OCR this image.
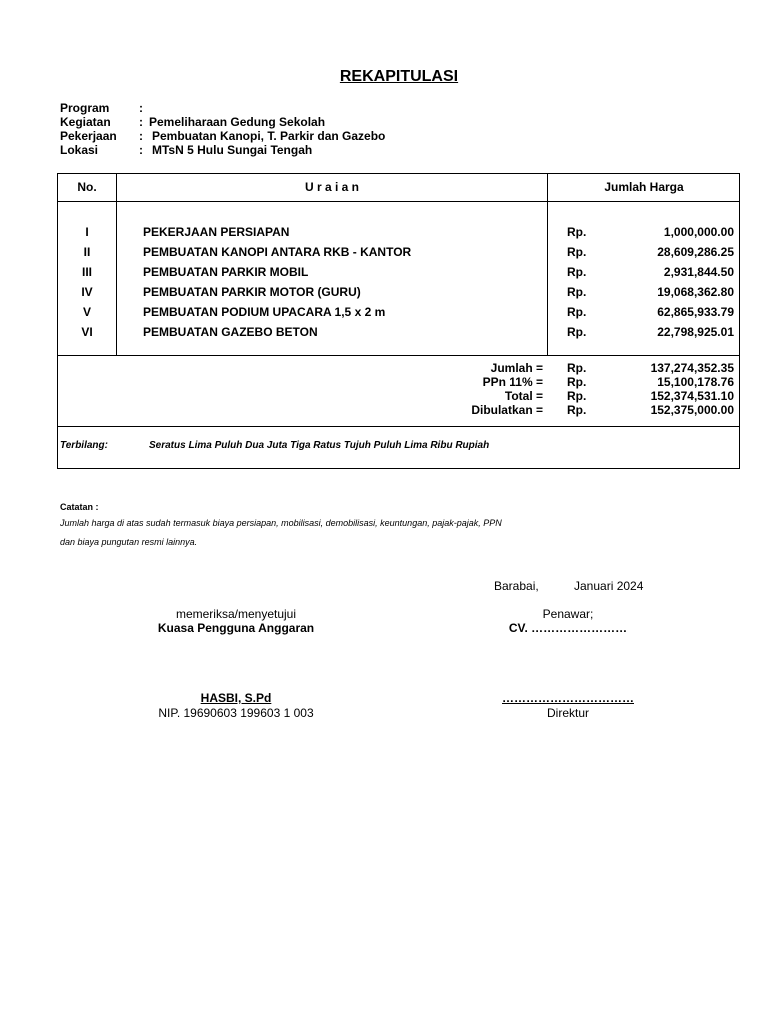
REKAPITULASI
Program	:
Kegiatan	: Pemeliharaan Gedung Sekolah
Pekerjaan	: Pembuatan Kanopi, T. Parkir dan Gazebo
Lokasi	: MTsN 5 Hulu Sungai Tengah
No.	U r a i a n	Jumlah Harga
I	PEKERJAAN PERSIAPAN	Rp.	1,000,000.00
II	PEMBUATAN KANOPI ANTARA RKB - KANTOR	Rp.	28,609,286.25
III	PEMBUATAN PARKIR MOBIL	Rp.	2,931,844.50
IV	PEMBUATAN PARKIR MOTOR (GURU)	Rp.	19,068,362.80
V	PEMBUATAN PODIUM UPACARA 1,5 x 2 m	Rp.	62,865,933.79
VI	PEMBUATAN GAZEBO BETON	Rp.	22,798,925.01
Jumlah = Rp.	137,274,352.35
PPn 11% = Rp.	15,100,178.76
Total = Rp.	152,374,531.10
Dibulatkan = Rp.	152,375,000.00
Terbilang:	Seratus Lima Puluh Dua Juta Tiga Ratus Tujuh Puluh Lima Ribu Rupiah
Catatan :
Jumlah harga di atas sudah termasuk biaya persiapan, mobilisasi, demobilisasi, keuntungan, pajak-pajak, PPN
dan biaya pungutan resmi lainnya.
Barabai,	Januari 2024
memeriksa/menyetujui
Kuasa Pengguna Anggaran
Penawar;
CV. ……………………
HASBI, S.Pd
NIP. 19690603 199603 1 003
……………………………
Direktur
